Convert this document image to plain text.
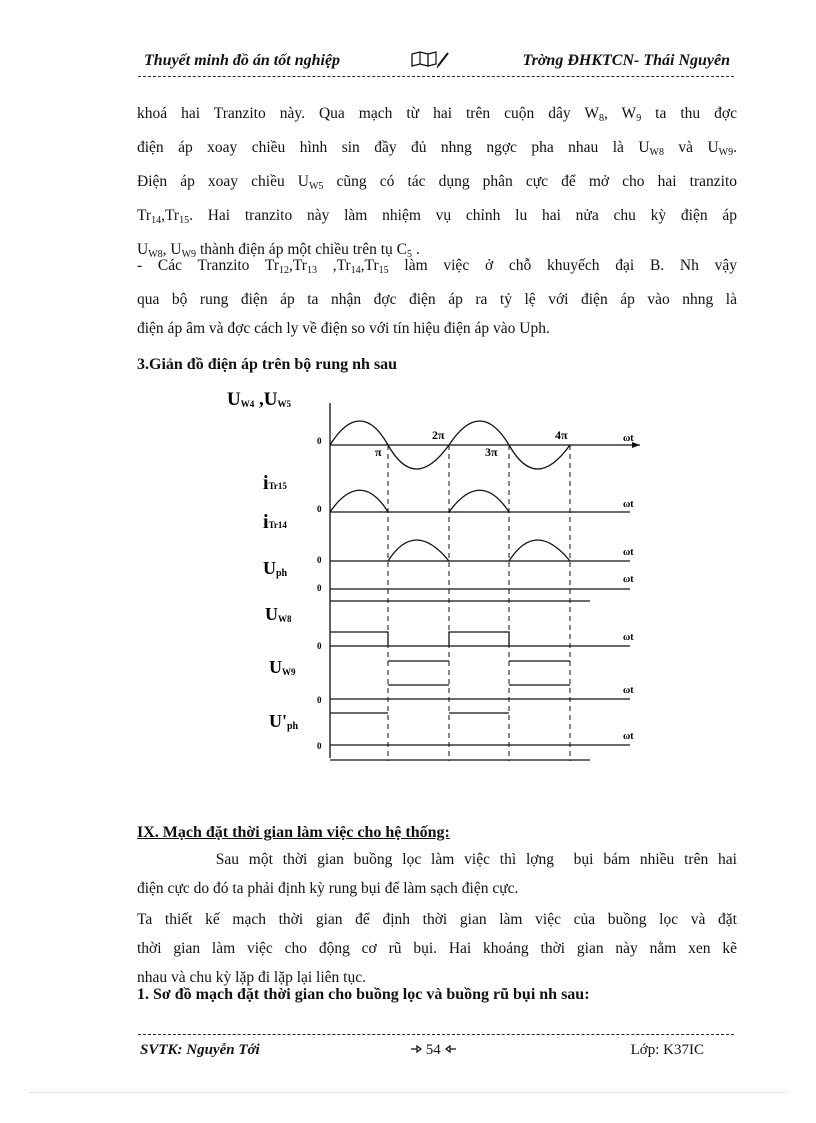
Thuyết minh đồ án tốt nghiệp	Trờng ĐHKTCN- Thái Nguyên
khoá hai Tranzito này. Qua mạch từ hai trên cuộn dây $W_8$, $W_9$ ta thu đợc
điện áp xoay chiều hình sin đầy đủ nhng ngợc pha nhau là $U_{W8}$ và $U_{W9}$.
Điện áp xoay chiều $U_{W5}$ cũng có tác dụng phân cực để mở cho hai tranzito
$Tr_{14},Tr_{15}$. Hai tranzito này làm nhiệm vụ chỉnh lu hai nửa chu kỳ điện áp
$U_{W8}$, $U_{W9}$ thành điện áp một chiều trên tụ $C_5$ .
- Các Tranzito $Tr_{12},Tr_{13}$ $,Tr_{14},Tr_{15}$ làm việc ở chỗ khuyếch đại B. Nh vậy
qua bộ rung điện áp ta nhận đợc điện áp ra tỷ lệ với điện áp vào nhng là
điện áp âm và đợc cách ly về điện so với tín hiệu điện áp vào Uph.

3.Giản đồ điện áp trên bộ rung nh sau

UW4 ,UW5
iTr15
iTr14
Uph
UW8
UW9
U'ph
0
0
0
0
0
0
0
π
2π
3π
4π	ωt
ωt
ωt
ωt
ωt
ωt
ωt

IX. Mạch đặt thời gian làm việc cho hệ thống:

Sau một thời gian buồng lọc làm việc thì lợng  bụi bám nhiều trên hai
điện cực do đó ta phải định kỳ rung bụi để làm sạch điện cực.
Ta thiết kế mạch thời gian để định thời gian làm việc của buồng lọc và đặt
thời gian làm việc cho động cơ rũ bụi. Hai khoảng thời gian này nằm xen kẽ
nhau và chu kỳ lặp đi lặp lại liên tục.

1. Sơ đồ mạch đặt thời gian cho buồng lọc và buồng rũ bụi nh sau:

SVTK: Nguyễn Tới	54	Lớp: K37IC
